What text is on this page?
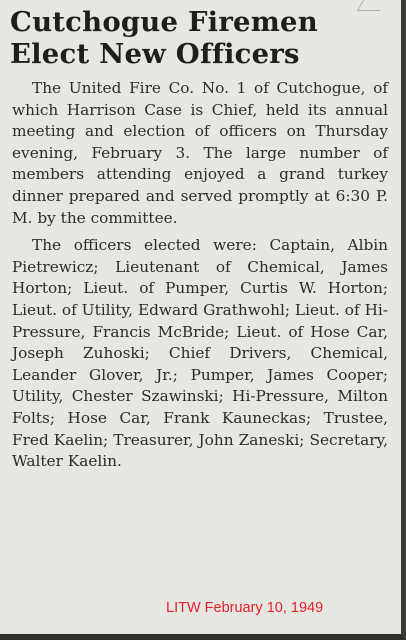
Cutchogue Firemen
Elect New Officers

The United Fire Co. No. 1 of Cutchogue, of which Harrison Case is Chief, held its annual meeting and election of officers on Thursday evening, February 3. The large number of members attending enjoyed a grand turkey dinner prepared and served promptly at 6:30 P. M. by the committee.

The officers elected were: Captain, Albin Pietrewicz; Lieutenant of Chemical, James Horton; Lieut. of Pumper, Curtis W. Horton; Lieut. of Utility, Edward Grathwohl; Lieut. of Hi-Pressure, Francis McBride; Lieut. of Hose Car, Joseph Zuhoski; Chief Drivers, Chemical, Leander Glover, Jr.; Pumper, James Cooper; Utility, Chester Szawinski; Hi-Pressure, Milton Folts; Hose Car, Frank Kauneckas; Trustee, Fred Kaelin; Treasurer, John Zaneski; Secretary, Walter Kaelin.

LITW February 10, 1949
